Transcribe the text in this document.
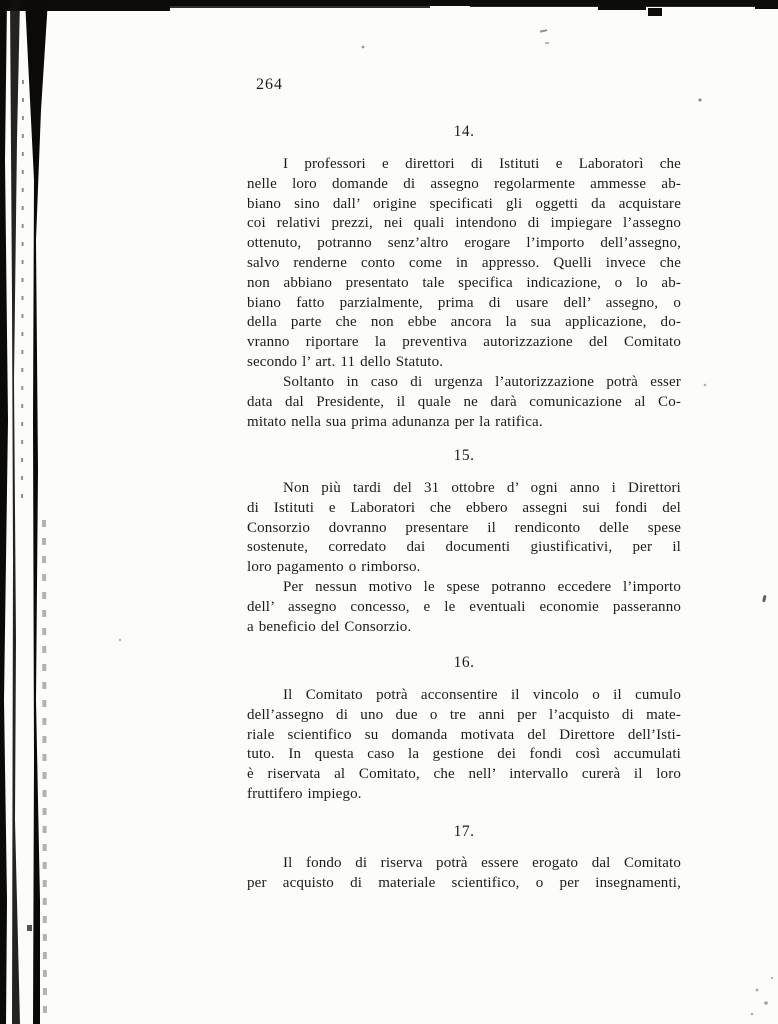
264
14.
I professori e direttori di Istituti e Laboratorì che
nelle loro domande di assegno regolarmente ammesse ab-
biano sino dall’ origine specificati gli oggetti da acquistare
coi relativi prezzi, nei quali intendono di impiegare l’assegno
ottenuto, potranno senz’altro erogare l’importo dell’assegno,
salvo renderne conto come in appresso. Quelli invece che
non abbiano presentato tale specifica indicazione, o lo ab-
biano fatto parzialmente, prima di usare dell’ assegno, o
della parte che non ebbe ancora la sua applicazione, do-
vranno riportare la preventiva autorizzazione del Comitato
secondo l’ art. 11 dello Statuto.
Soltanto in caso di urgenza l’autorizzazione potrà esser
data dal Presidente, il quale ne darà comunicazione al Co-
mitato nella sua prima adunanza per la ratifica.
15.
Non più tardi del 31 ottobre d’ ogni anno i Direttori
di Istituti e Laboratori che ebbero assegni sui fondi del
Consorzio dovranno presentare il rendiconto delle spese
sostenute, corredato dai documenti giustificativi, per il
loro pagamento o rimborso.
Per nessun motivo le spese potranno eccedere l’importo
dell’ assegno concesso, e le eventuali economie passeranno
a beneficio del Consorzio.
16.
Il Comitato potrà acconsentire il vincolo o il cumulo
dell’assegno di uno due o tre anni per l’acquisto di mate-
riale scientifico su domanda motivata del Direttore dell’Isti-
tuto. In questa caso la gestione dei fondi così accumulati
è riservata al Comitato, che nell’ intervallo curerà il loro
fruttifero impiego.
17.
Il fondo di riserva potrà essere erogato dal Comitato
per acquisto di materiale scientifico, o per insegnamenti,
